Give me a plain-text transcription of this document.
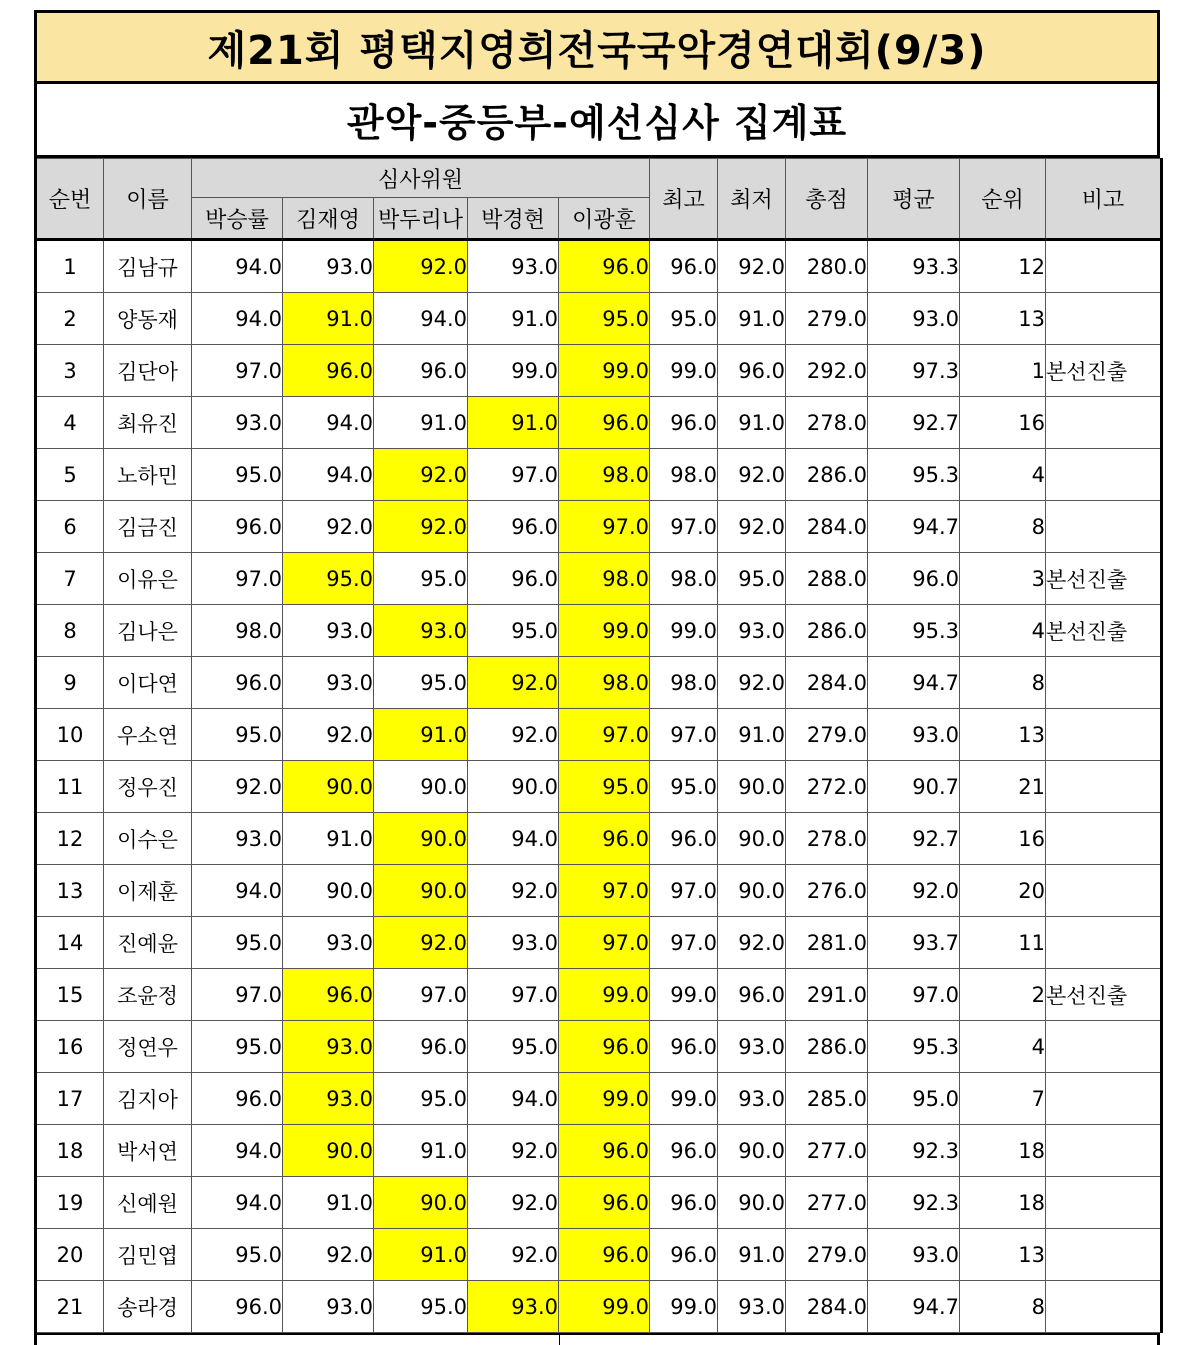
제21회 평택지영희전국국악경연대회(9/3)
관악-중등부-예선심사 집계표
순번	이름	심사위원					최고	최저	총점	평균	순위	비고
		박승률	김재영	박두리나	박경현	이광훈						
1	김남규	94.0	93.0	92.0	93.0	96.0	96.0	92.0	280.0	93.3	12	
2	양동재	94.0	91.0	94.0	91.0	95.0	95.0	91.0	279.0	93.0	13	
3	김단아	97.0	96.0	96.0	99.0	99.0	99.0	96.0	292.0	97.3	1	본선진출
4	최유진	93.0	94.0	91.0	91.0	96.0	96.0	91.0	278.0	92.7	16	
5	노하민	95.0	94.0	92.0	97.0	98.0	98.0	92.0	286.0	95.3	4	
6	김금진	96.0	92.0	92.0	96.0	97.0	97.0	92.0	284.0	94.7	8	
7	이유은	97.0	95.0	95.0	96.0	98.0	98.0	95.0	288.0	96.0	3	본선진출
8	김나은	98.0	93.0	93.0	95.0	99.0	99.0	93.0	286.0	95.3	4	본선진출
9	이다연	96.0	93.0	95.0	92.0	98.0	98.0	92.0	284.0	94.7	8	
10	우소연	95.0	92.0	91.0	92.0	97.0	97.0	91.0	279.0	93.0	13	
11	정우진	92.0	90.0	90.0	90.0	95.0	95.0	90.0	272.0	90.7	21	
12	이수은	93.0	91.0	90.0	94.0	96.0	96.0	90.0	278.0	92.7	16	
13	이제훈	94.0	90.0	90.0	92.0	97.0	97.0	90.0	276.0	92.0	20	
14	진예윤	95.0	93.0	92.0	93.0	97.0	97.0	92.0	281.0	93.7	11	
15	조윤정	97.0	96.0	97.0	97.0	99.0	99.0	96.0	291.0	97.0	2	본선진출
16	정연우	95.0	93.0	96.0	95.0	96.0	96.0	93.0	286.0	95.3	4	
17	김지아	96.0	93.0	95.0	94.0	99.0	99.0	93.0	285.0	95.0	7	
18	박서연	94.0	90.0	91.0	92.0	96.0	96.0	90.0	277.0	92.3	18	
19	신예원	94.0	91.0	90.0	92.0	96.0	96.0	90.0	277.0	92.3	18	
20	김민엽	95.0	92.0	91.0	92.0	96.0	96.0	91.0	279.0	93.0	13	
21	송라경	96.0	93.0	95.0	93.0	99.0	99.0	93.0	284.0	94.7	8	
